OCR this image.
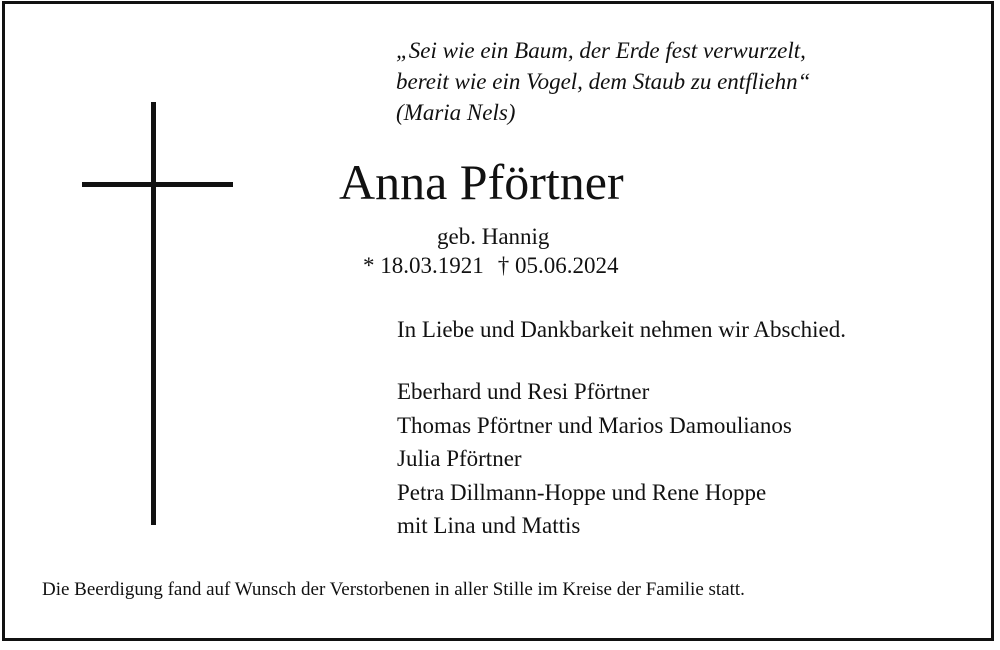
„Sei wie ein Baum, der Erde fest verwurzelt,
bereit wie ein Vogel, dem Staub zu entfliehn“
(Maria Nels)
Anna Pförtner
geb. Hannig
* 18.03.1921 † 05.06.2024
In Liebe und Dankbarkeit nehmen wir Abschied.
Eberhard und Resi Pförtner
Thomas Pförtner und Marios Damoulianos
Julia Pförtner
Petra Dillmann-Hoppe und Rene Hoppe
mit Lina und Mattis
Die Beerdigung fand auf Wunsch der Verstorbenen in aller Stille im Kreise der Familie statt.
